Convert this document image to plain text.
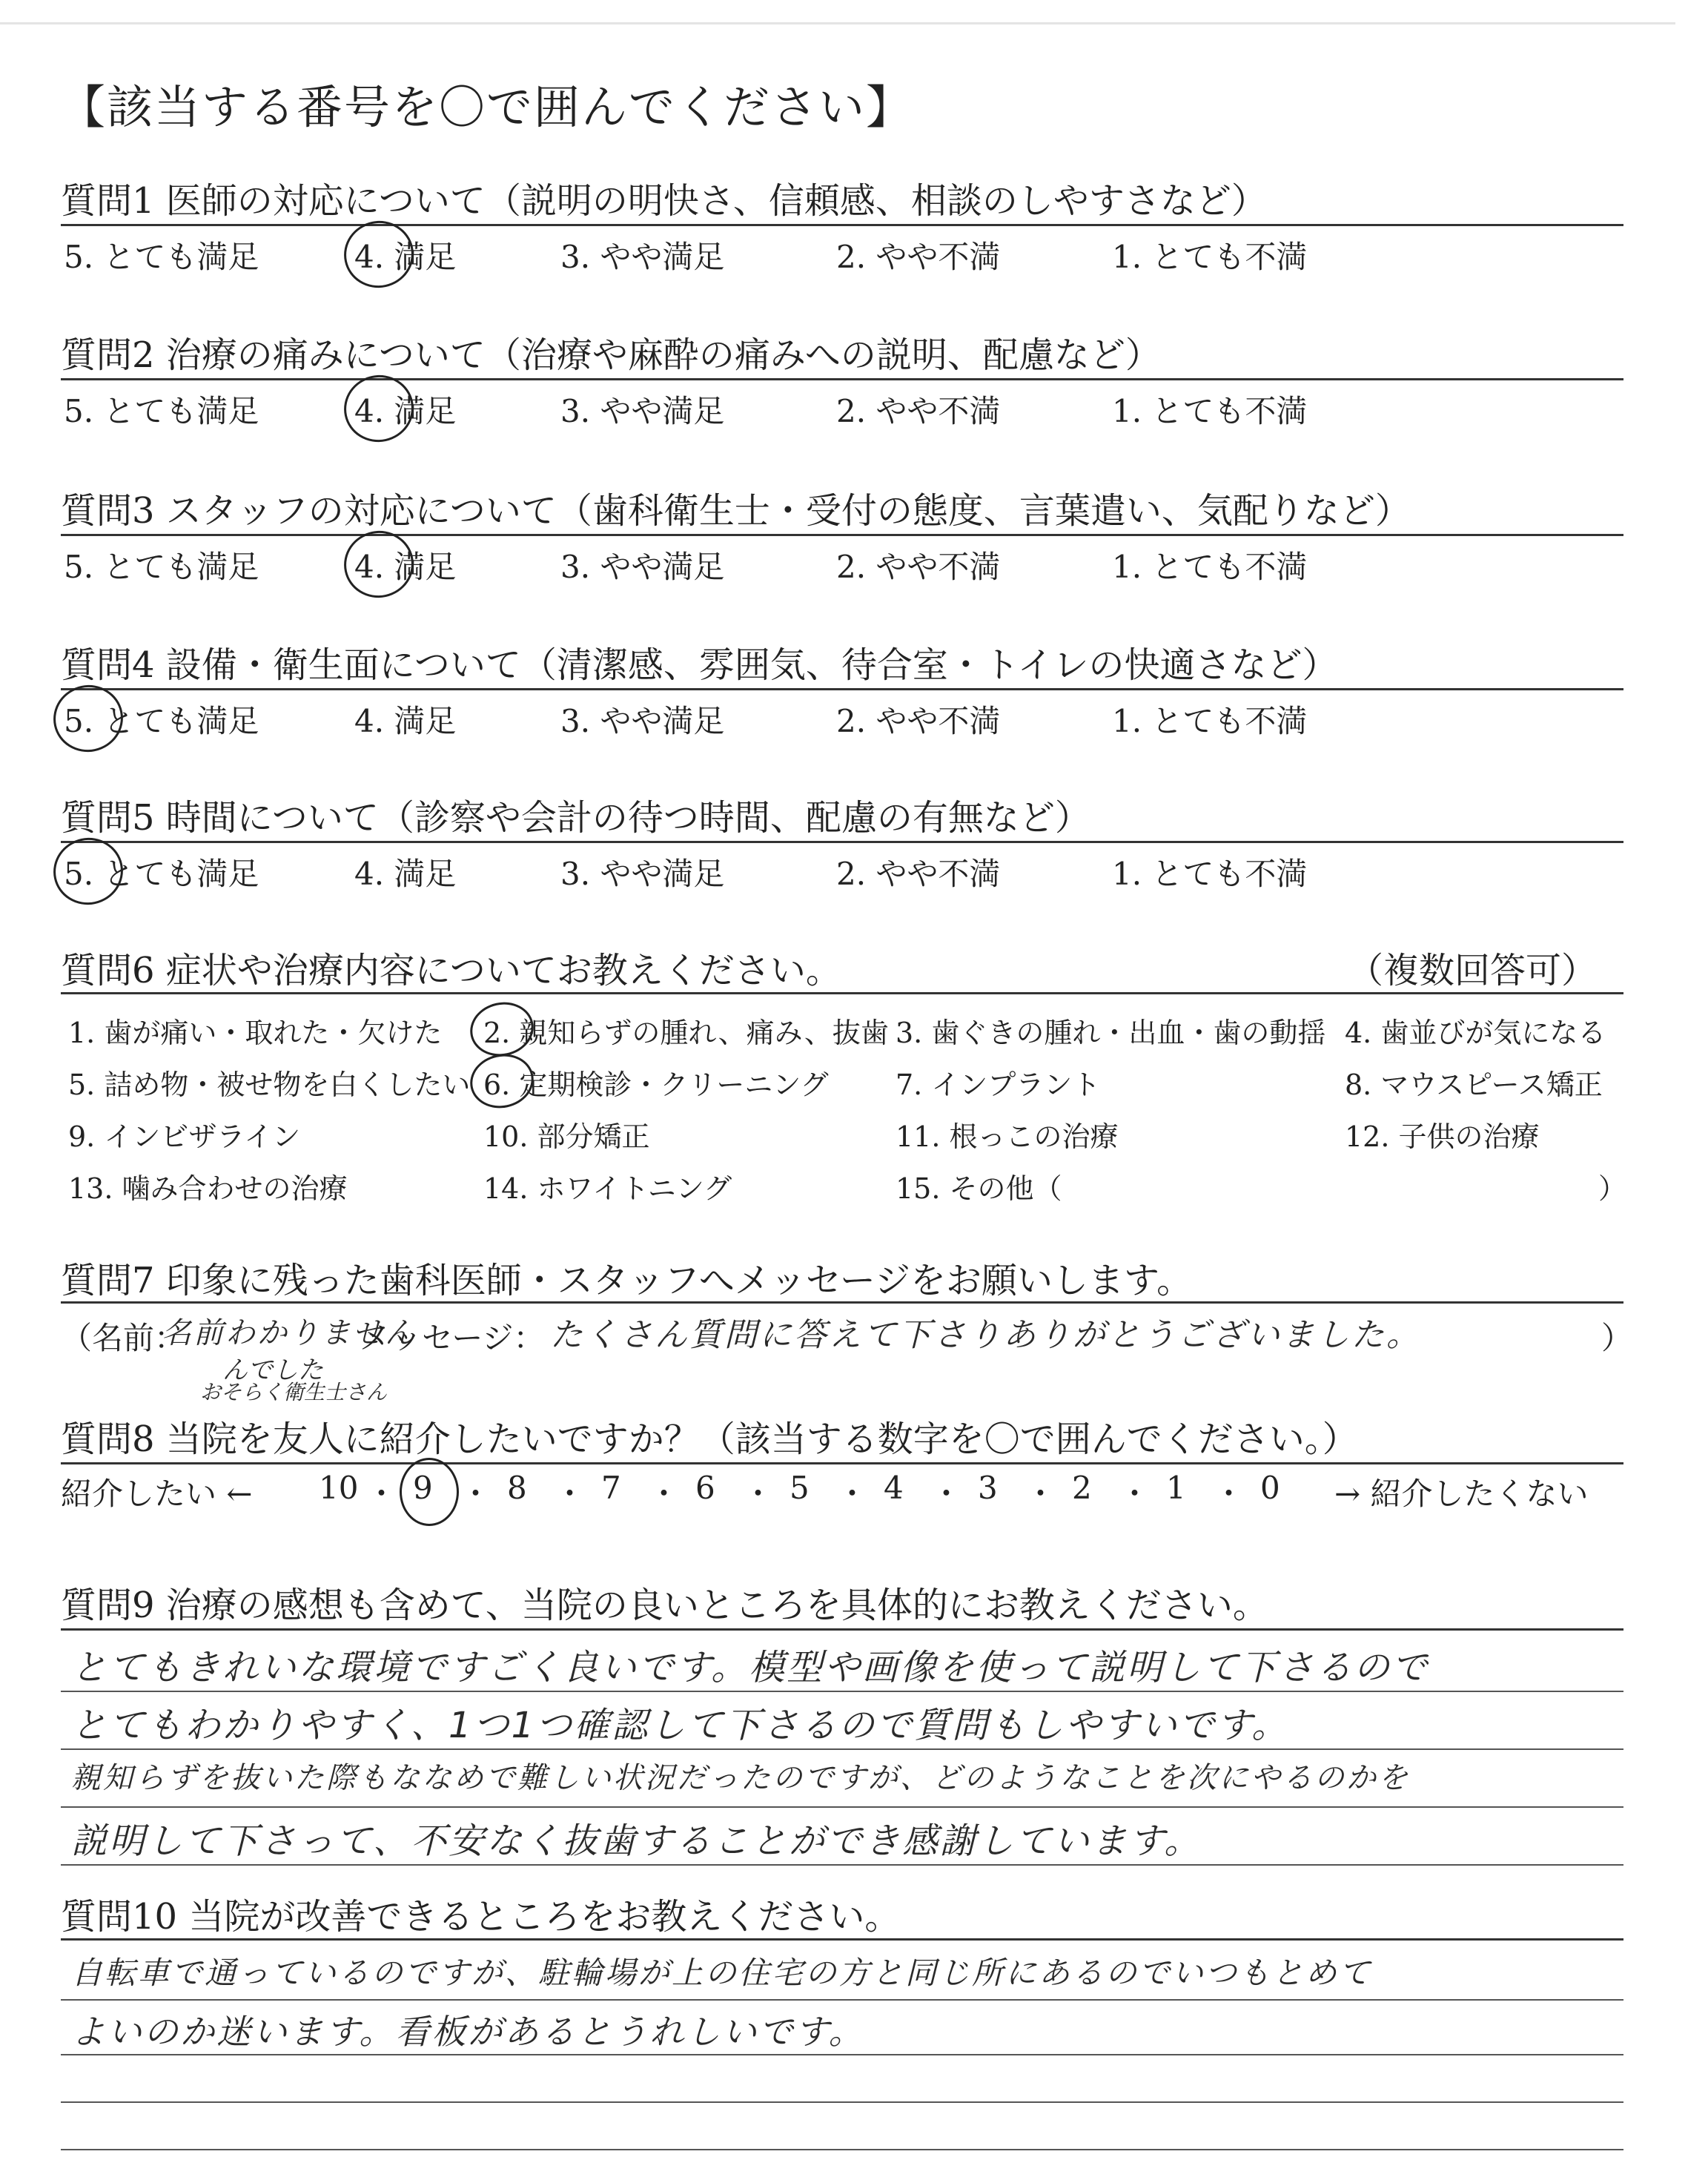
【該当する番号を〇で囲んでください】
質問6 症状や治療内容についてお教えください。	（複数回答可）
質問7 印象に残った歯科医師・スタッフへメッセージをお願いします。
（名前：
名前わかりません
んでした
おそらく衛生士さん
メッセージ： たくさん質問に答えて下さりありがとうございました。	）
質問8 当院を友人に紹介したいですか？（該当する数字を〇で囲んでください。）
紹介したい ←	→ 紹介したくない
質問9 治療の感想も含めて、当院の良いところを具体的にお教えください。
質問10 当院が改善できるところをお教えください。
質問1 医師の対応について（説明の明快さ、信頼感、相談のしやすさなど）
5. とても満足	4. 満足	3. やや満足	2. やや不満	1. とても不満
質問2 治療の痛みについて（治療や麻酔の痛みへの説明、配慮など）
5. とても満足	4. 満足	3. やや満足	2. やや不満	1. とても不満
質問3 スタッフの対応について（歯科衛生士・受付の態度、言葉遣い、気配りなど）
5. とても満足	4. 満足	3. やや満足	2. やや不満	1. とても不満
質問4 設備・衛生面について（清潔感、雰囲気、待合室・トイレの快適さなど）
5. とても満足	4. 満足	3. やや満足	2. やや不満	1. とても不満
質問5 時間について（診察や会計の待つ時間、配慮の有無など）
5. とても満足	4. 満足	3. やや満足	2. やや不満	1. とても不満
1. 歯が痛い・取れた・欠けた 2. 親知らずの腫れ、痛み、抜歯 3. 歯ぐきの腫れ・出血・歯の動揺 4. 歯並びが気になる
5. 詰め物・被せ物を白くしたい 6. 定期検診・クリーニング 7. インプラント	8. マウスピース矯正
9. インビザライン	10. 部分矯正	11. 根っこの治療	12. 子供の治療
13. 噛み合わせの治療	14. ホワイトニング	15. その他（	）
10 ・ 9 ・ 8 ・ 7 ・ 6 ・ 5 ・ 4 ・ 3 ・ 2 ・ 1 ・ 0
とてもきれいな環境ですごく良いです。模型や画像を使って説明して下さるので
とてもわかりやすく、1つ1つ確認して下さるので質問もしやすいです。
親知らずを抜いた際もななめで難しい状況だったのですが、どのようなことを次にやるのかを
説明して下さって、不安なく抜歯することができ感謝しています。
自転車で通っているのですが、駐輪場が上の住宅の方と同じ所にあるのでいつもとめて
よいのか迷います。看板があるとうれしいです。
